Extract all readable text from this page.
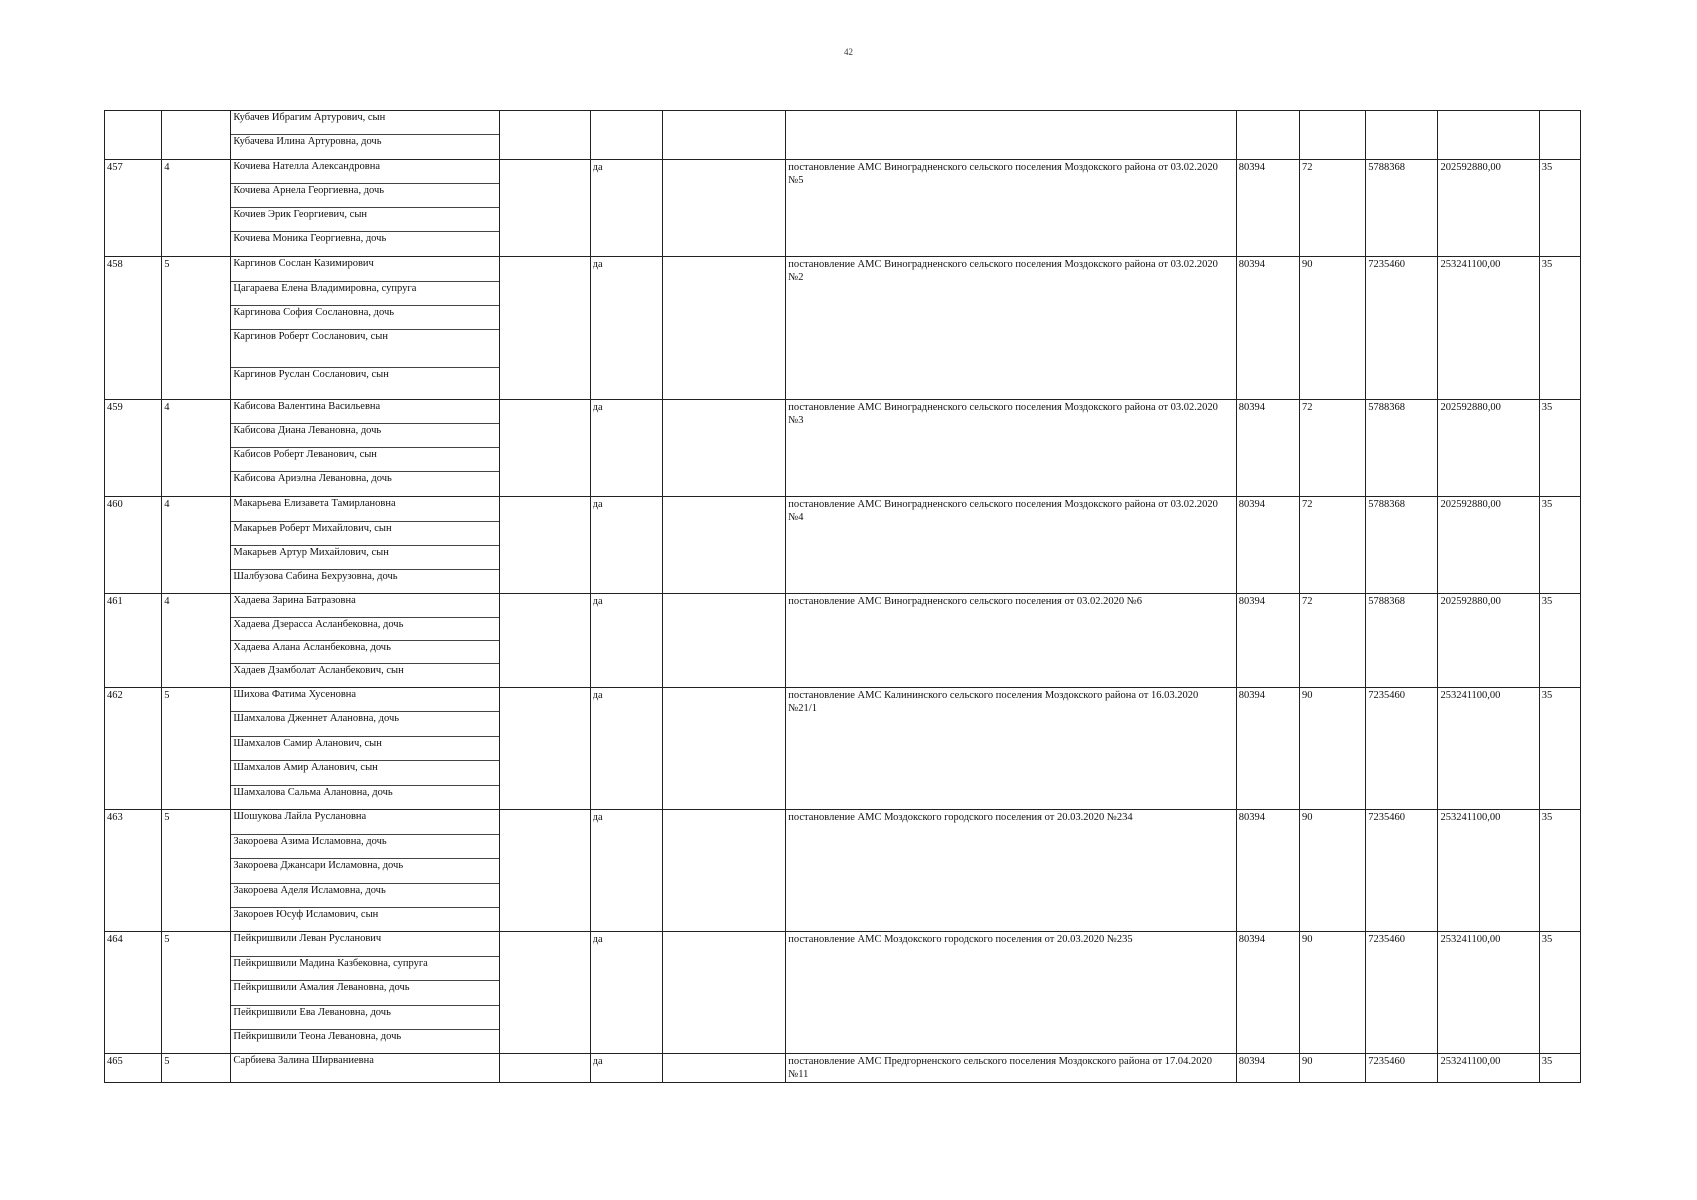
42

		Кубачев Ибрагим Артурович, сын									

		Кубачева Илина Артуровна, дочь									

457	4	Кочиева Нателла Александровна		да		постановление АМС Виноградненского сельского поселения Моздокского района от 03.02.2020 №5	80394	72	5788368	202592880,00	35

		Кочиева Арнела Георгиевна, дочь									

		Кочиев Эрик Георгиевич, сын									

		Кочиева Моника Георгиевна, дочь									

458	5	Каргинов Сослан Казимирович		да		постановление АМС Виноградненского сельского поселения Моздокского района от 03.02.2020 №2	80394	90	7235460	253241100,00	35

		Цагараева Елена Владимировна, супруга									

		Каргинова София Сослановна, дочь									

		Каргинов Роберт Сосланович, сын									

		Каргинов Руслан Сосланович, сын									

459	4	Кабисова Валентина Васильевна		да		постановление АМС Виноградненского сельского поселения Моздокского района от 03.02.2020 №3	80394	72	5788368	202592880,00	35

		Кабисова Диана Левановна, дочь									

		Кабисов Роберт Леванович, сын									

		Кабисова Ариэлна Левановна, дочь									

460	4	Макарьева Елизавета Тамирлановна		да		постановление АМС Виноградненского сельского поселения Моздокского района от 03.02.2020 №4	80394	72	5788368	202592880,00	35

		Макарьев Роберт Михайлович, сын									

		Макарьев Артур Михайлович, сын									

		Шалбузова Сабина Бехрузовна, дочь									

461	4	Хадаева Зарина Батразовна		да		постановление АМС Виноградненского сельского поселения от 03.02.2020 №6	80394	72	5788368	202592880,00	35

		Хадаева Дзерасса Асланбековна, дочь									

		Хадаева Алана Асланбековна, дочь									

		Хадаев Дзамболат Асланбекович, сын									

462	5	Шихова Фатима Хусеновна		да		постановление АМС Калининского сельского поселения Моздокского района от 16.03.2020 №21/1	80394	90	7235460	253241100,00	35

		Шамхалова Дженнет Алановна, дочь									

		Шамхалов Самир Аланович, сын									

		Шамхалов Амир Аланович, сын									

		Шамхалова Сальма Алановна, дочь									

463	5	Шошукова Лайла Руслановна		да		постановление АМС Моздокского городского поселения от 20.03.2020 №234	80394	90	7235460	253241100,00	35

		Закороева Азима Исламовна, дочь									

		Закороева Джансари Исламовна, дочь									

		Закороева Аделя Исламовна, дочь									

		Закороев Юсуф Исламович, сын									

464	5	Пейкришвили Леван Русланович		да		постановление АМС Моздокского городского поселения от 20.03.2020 №235	80394	90	7235460	253241100,00	35

		Пейкришвили Мадина Казбековна, супруга									

		Пейкришвили Амалия Левановна, дочь									

		Пейкришвили Ева Левановна, дочь									

		Пейкришвили Теона Левановна, дочь									

465	5	Сарбиева Залина Ширваниевна		да		постановление АМС Предгорненского сельского поселения Моздокского района от 17.04.2020 №11	80394	90	7235460	253241100,00	35
